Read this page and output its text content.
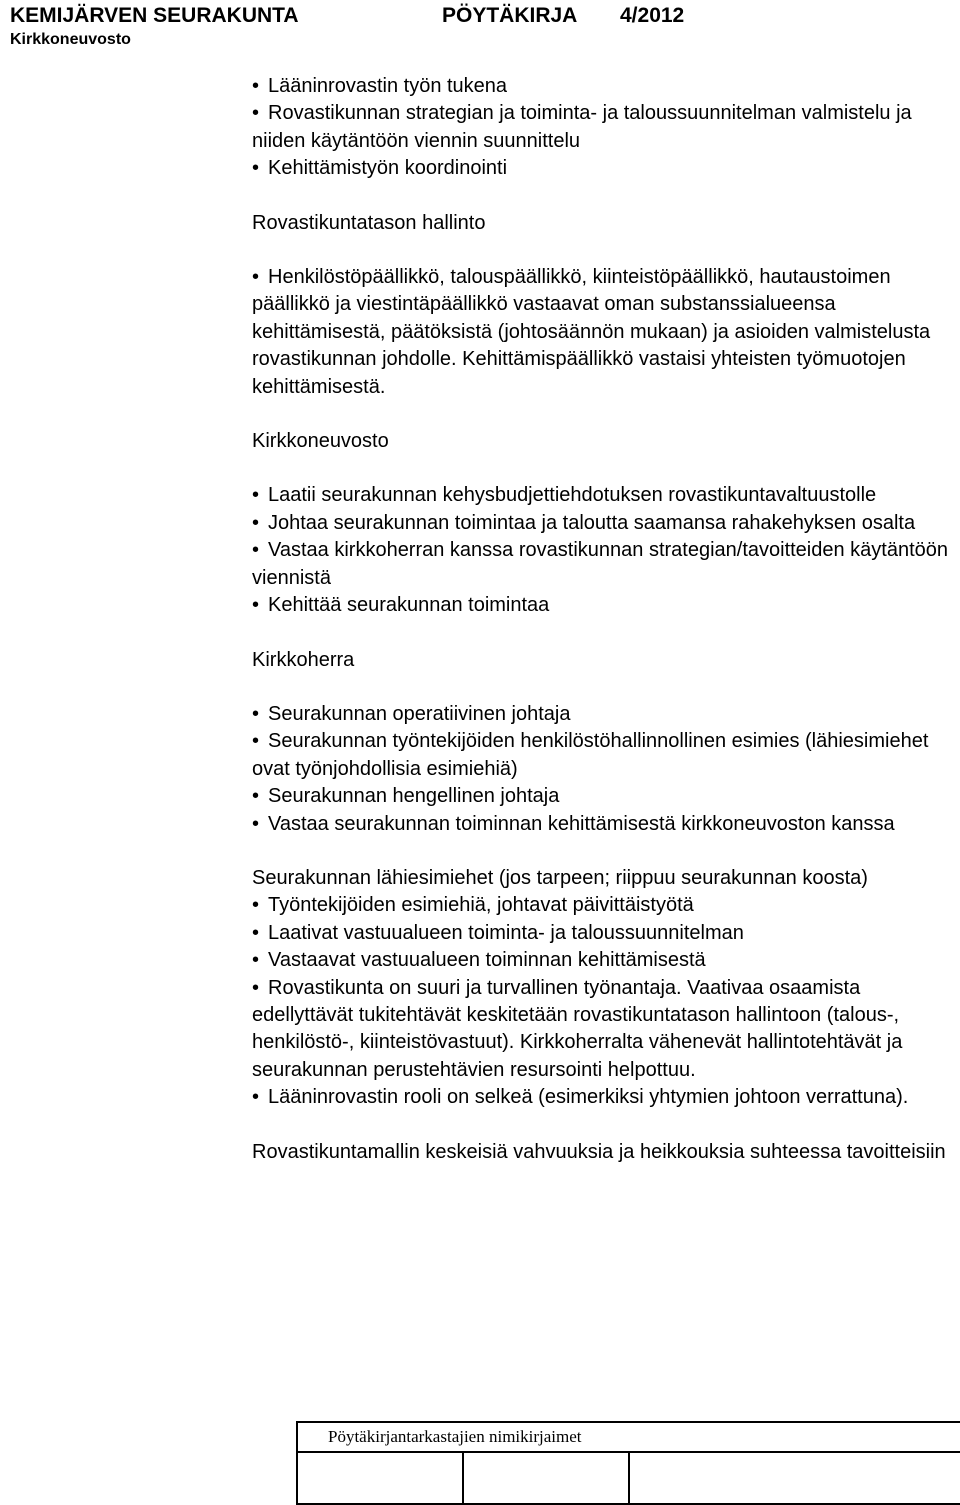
KEMIJÄRVEN SEURAKUNTA	PÖYTÄKIRJA 4/2012
Kirkkoneuvosto

• Lääninrovastin työn tukena

• Rovastikunnan strategian ja toiminta- ja taloussuunnitelman valmistelu ja niiden käytäntöön viennin suunnittelu

• Kehittämistyön koordinointi

Rovastikuntatason hallinto

• Henkilöstöpäällikkö, talouspäällikkö, kiinteistöpäällikkö, hautaustoimen päällikkö ja viestintäpäällikkö vastaavat oman substanssialueensa kehittämisestä, päätöksistä (johtosäännön mukaan) ja asioiden valmistelusta rovastikunnan johdolle. Kehittämispäällikkö vastaisi yhteisten työmuotojen kehittämisestä.

Kirkkoneuvosto

• Laatii seurakunnan kehysbudjettiehdotuksen rovastikuntavaltuustolle

• Johtaa seurakunnan toimintaa ja taloutta saamansa rahakehyksen osalta

• Vastaa kirkkoherran kanssa rovastikunnan strategian/tavoitteiden käytäntöön viennistä

• Kehittää seurakunnan toimintaa

Kirkkoherra

• Seurakunnan operatiivinen johtaja

• Seurakunnan työntekijöiden henkilöstöhallinnollinen esimies (lähiesimiehet ovat työnjohdollisia esimiehiä)

• Seurakunnan hengellinen johtaja

• Vastaa seurakunnan toiminnan kehittämisestä kirkkoneuvoston kanssa

Seurakunnan lähiesimiehet (jos tarpeen; riippuu seurakunnan koosta)

• Työntekijöiden esimiehiä, johtavat päivittäistyötä

• Laativat vastuualueen toiminta- ja taloussuunnitelman

• Vastaavat vastuualueen toiminnan kehittämisestä

• Rovastikunta on suuri ja turvallinen työnantaja. Vaativaa osaamista edellyttävät tukitehtävät keskitetään rovastikuntatason hallintoon (talous-, henkilöstö-, kiinteistövastuut). Kirkkoherralta vähenevät hallintotehtävät ja seurakunnan perustehtävien resursointi helpottuu.

• Lääninrovastin rooli on selkeä (esimerkiksi yhtymien johtoon verrattuna).

Rovastikuntamallin keskeisiä vahvuuksia ja heikkouksia suhteessa tavoitteisiin

Pöytäkirjantarkastajien nimikirjaimet
